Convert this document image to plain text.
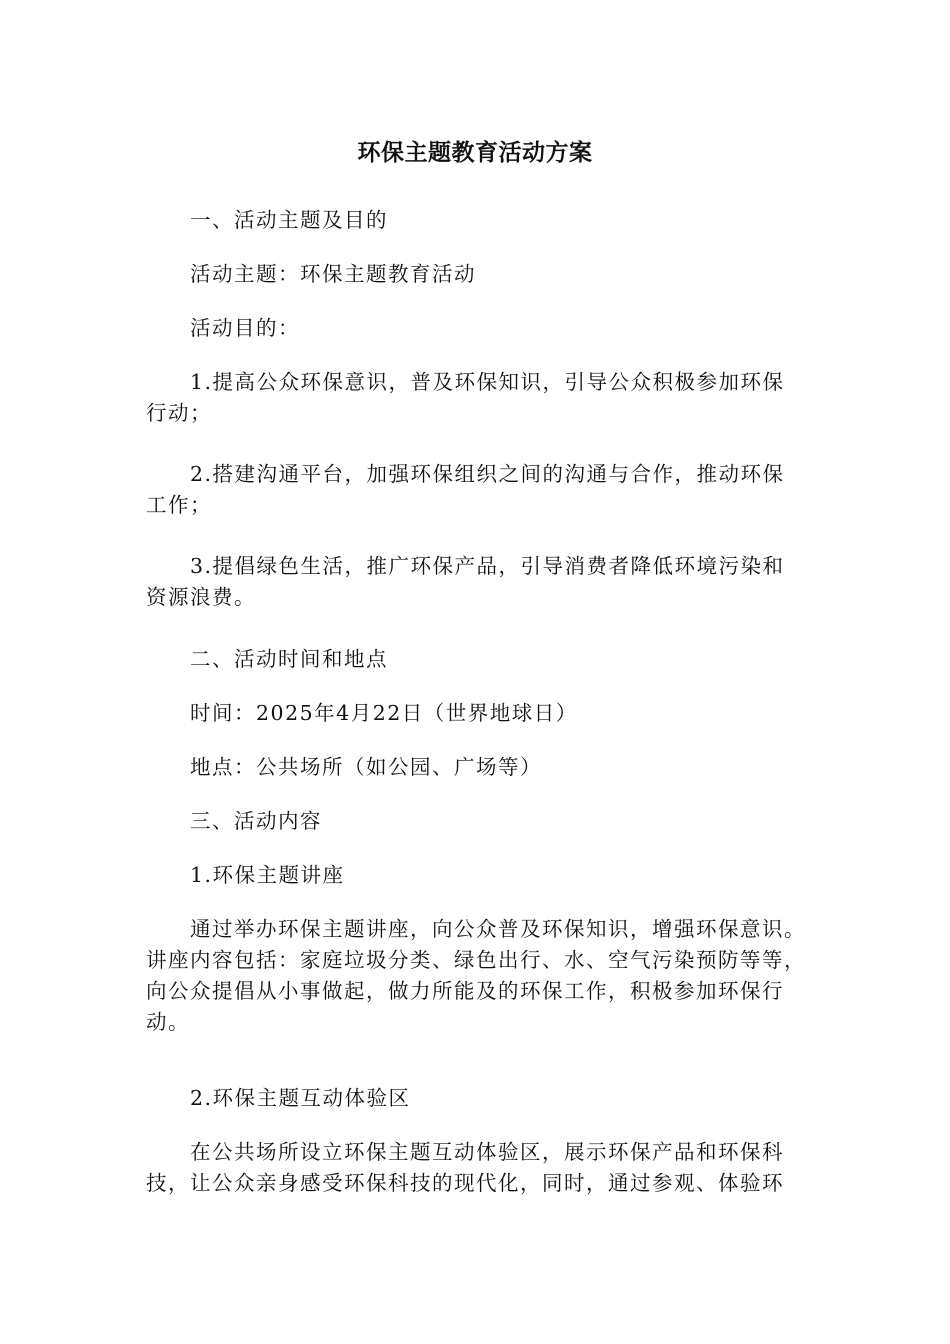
环保主题教育活动方案

一、活动主题及目的

活动主题：环保主题教育活动

活动目的：

1.提高公众环保意识，普及环保知识，引导公众积极参加环保行动；

2.搭建沟通平台，加强环保组织之间的沟通与合作，推动环保工作；

3.提倡绿色生活，推广环保产品，引导消费者降低环境污染和资源浪费。

二、活动时间和地点

时间：2025年4月22日（世界地球日）

地点：公共场所（如公园、广场等）

三、活动内容

1.环保主题讲座

通过举办环保主题讲座，向公众普及环保知识，增强环保意识。讲座内容包括：家庭垃圾分类、绿色出行、水、空气污染预防等等，向公众提倡从小事做起，做力所能及的环保工作，积极参加环保行动。

2.环保主题互动体验区

在公共场所设立环保主题互动体验区，展示环保产品和环保科技，让公众亲身感受环保科技的现代化，同时，通过参观、体验环
